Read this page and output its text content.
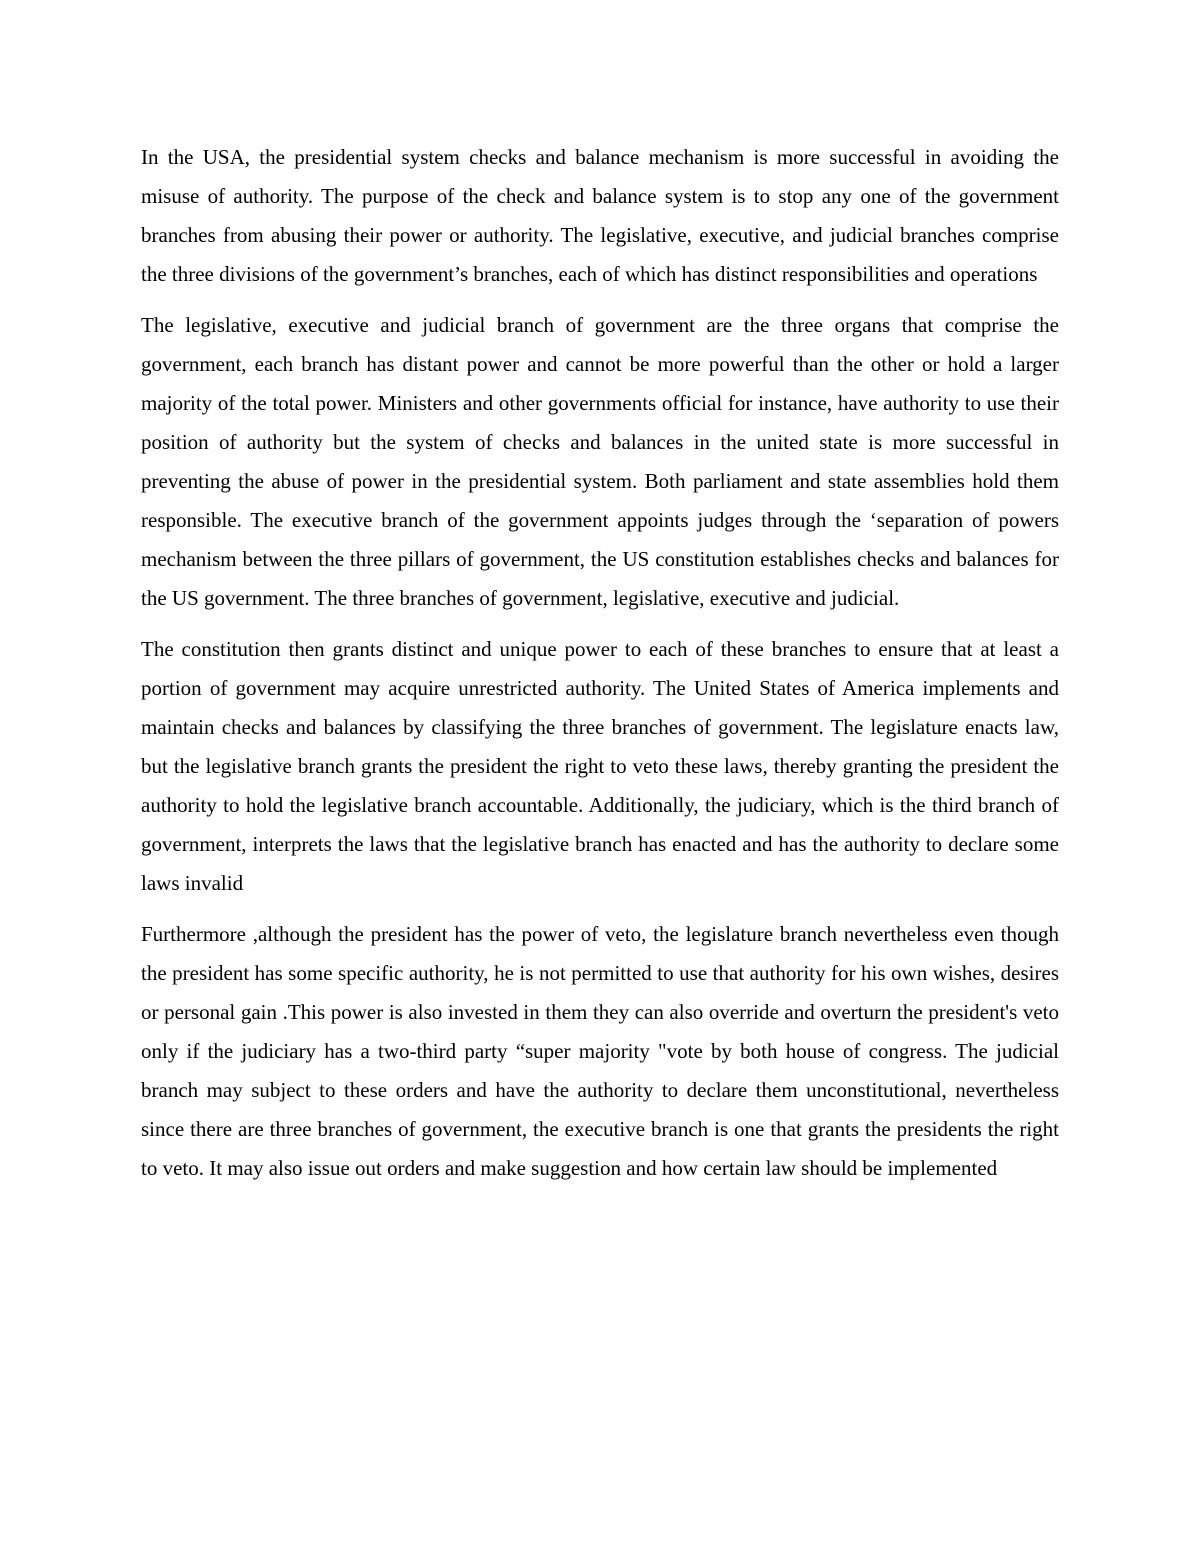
In the USA, the presidential system checks and balance mechanism is more successful in avoiding the misuse of authority. The purpose of the check and balance system is to stop any one of the government branches from abusing their power or authority. The legislative, executive, and judicial branches comprise the three divisions of the government’s branches, each of which has distinct responsibilities and operations

The legislative, executive and judicial branch of government are the three organs that comprise the government, each branch has distant power and cannot be more powerful than the other or hold a larger majority of the total power. Ministers and other governments official for instance, have authority to use their position of authority but the system of checks and balances in the united state is more successful in preventing the abuse of power in the presidential system. Both parliament and state assemblies hold them responsible. The executive branch of the government appoints judges through the ‘separation of powers mechanism between the three pillars of government, the US constitution establishes checks and balances for the US government. The three branches of government, legislative, executive and judicial.

The constitution then grants distinct and unique power to each of these branches to ensure that at least a portion of government may acquire unrestricted authority. The United States of America implements and maintain checks and balances by classifying the three branches of government. The legislature enacts law, but the legislative branch grants the president the right to veto these laws, thereby granting the president the authority to hold the legislative branch accountable. Additionally, the judiciary, which is the third branch of government, interprets the laws that the legislative branch has enacted and has the authority to declare some laws invalid

Furthermore ,although the president has the power of veto, the legislature branch nevertheless even though the president has some specific authority, he is not permitted to use that authority for his own wishes, desires or personal gain .This power is also invested in them they can also override and overturn the president's veto only if the judiciary has a two-third party “super majority "vote by both house of congress. The judicial branch may subject to these orders and have the authority to declare them unconstitutional, nevertheless since there are three branches of government, the executive branch is one that grants the presidents the right to veto. It may also issue out orders and make suggestion and how certain law should be implemented
